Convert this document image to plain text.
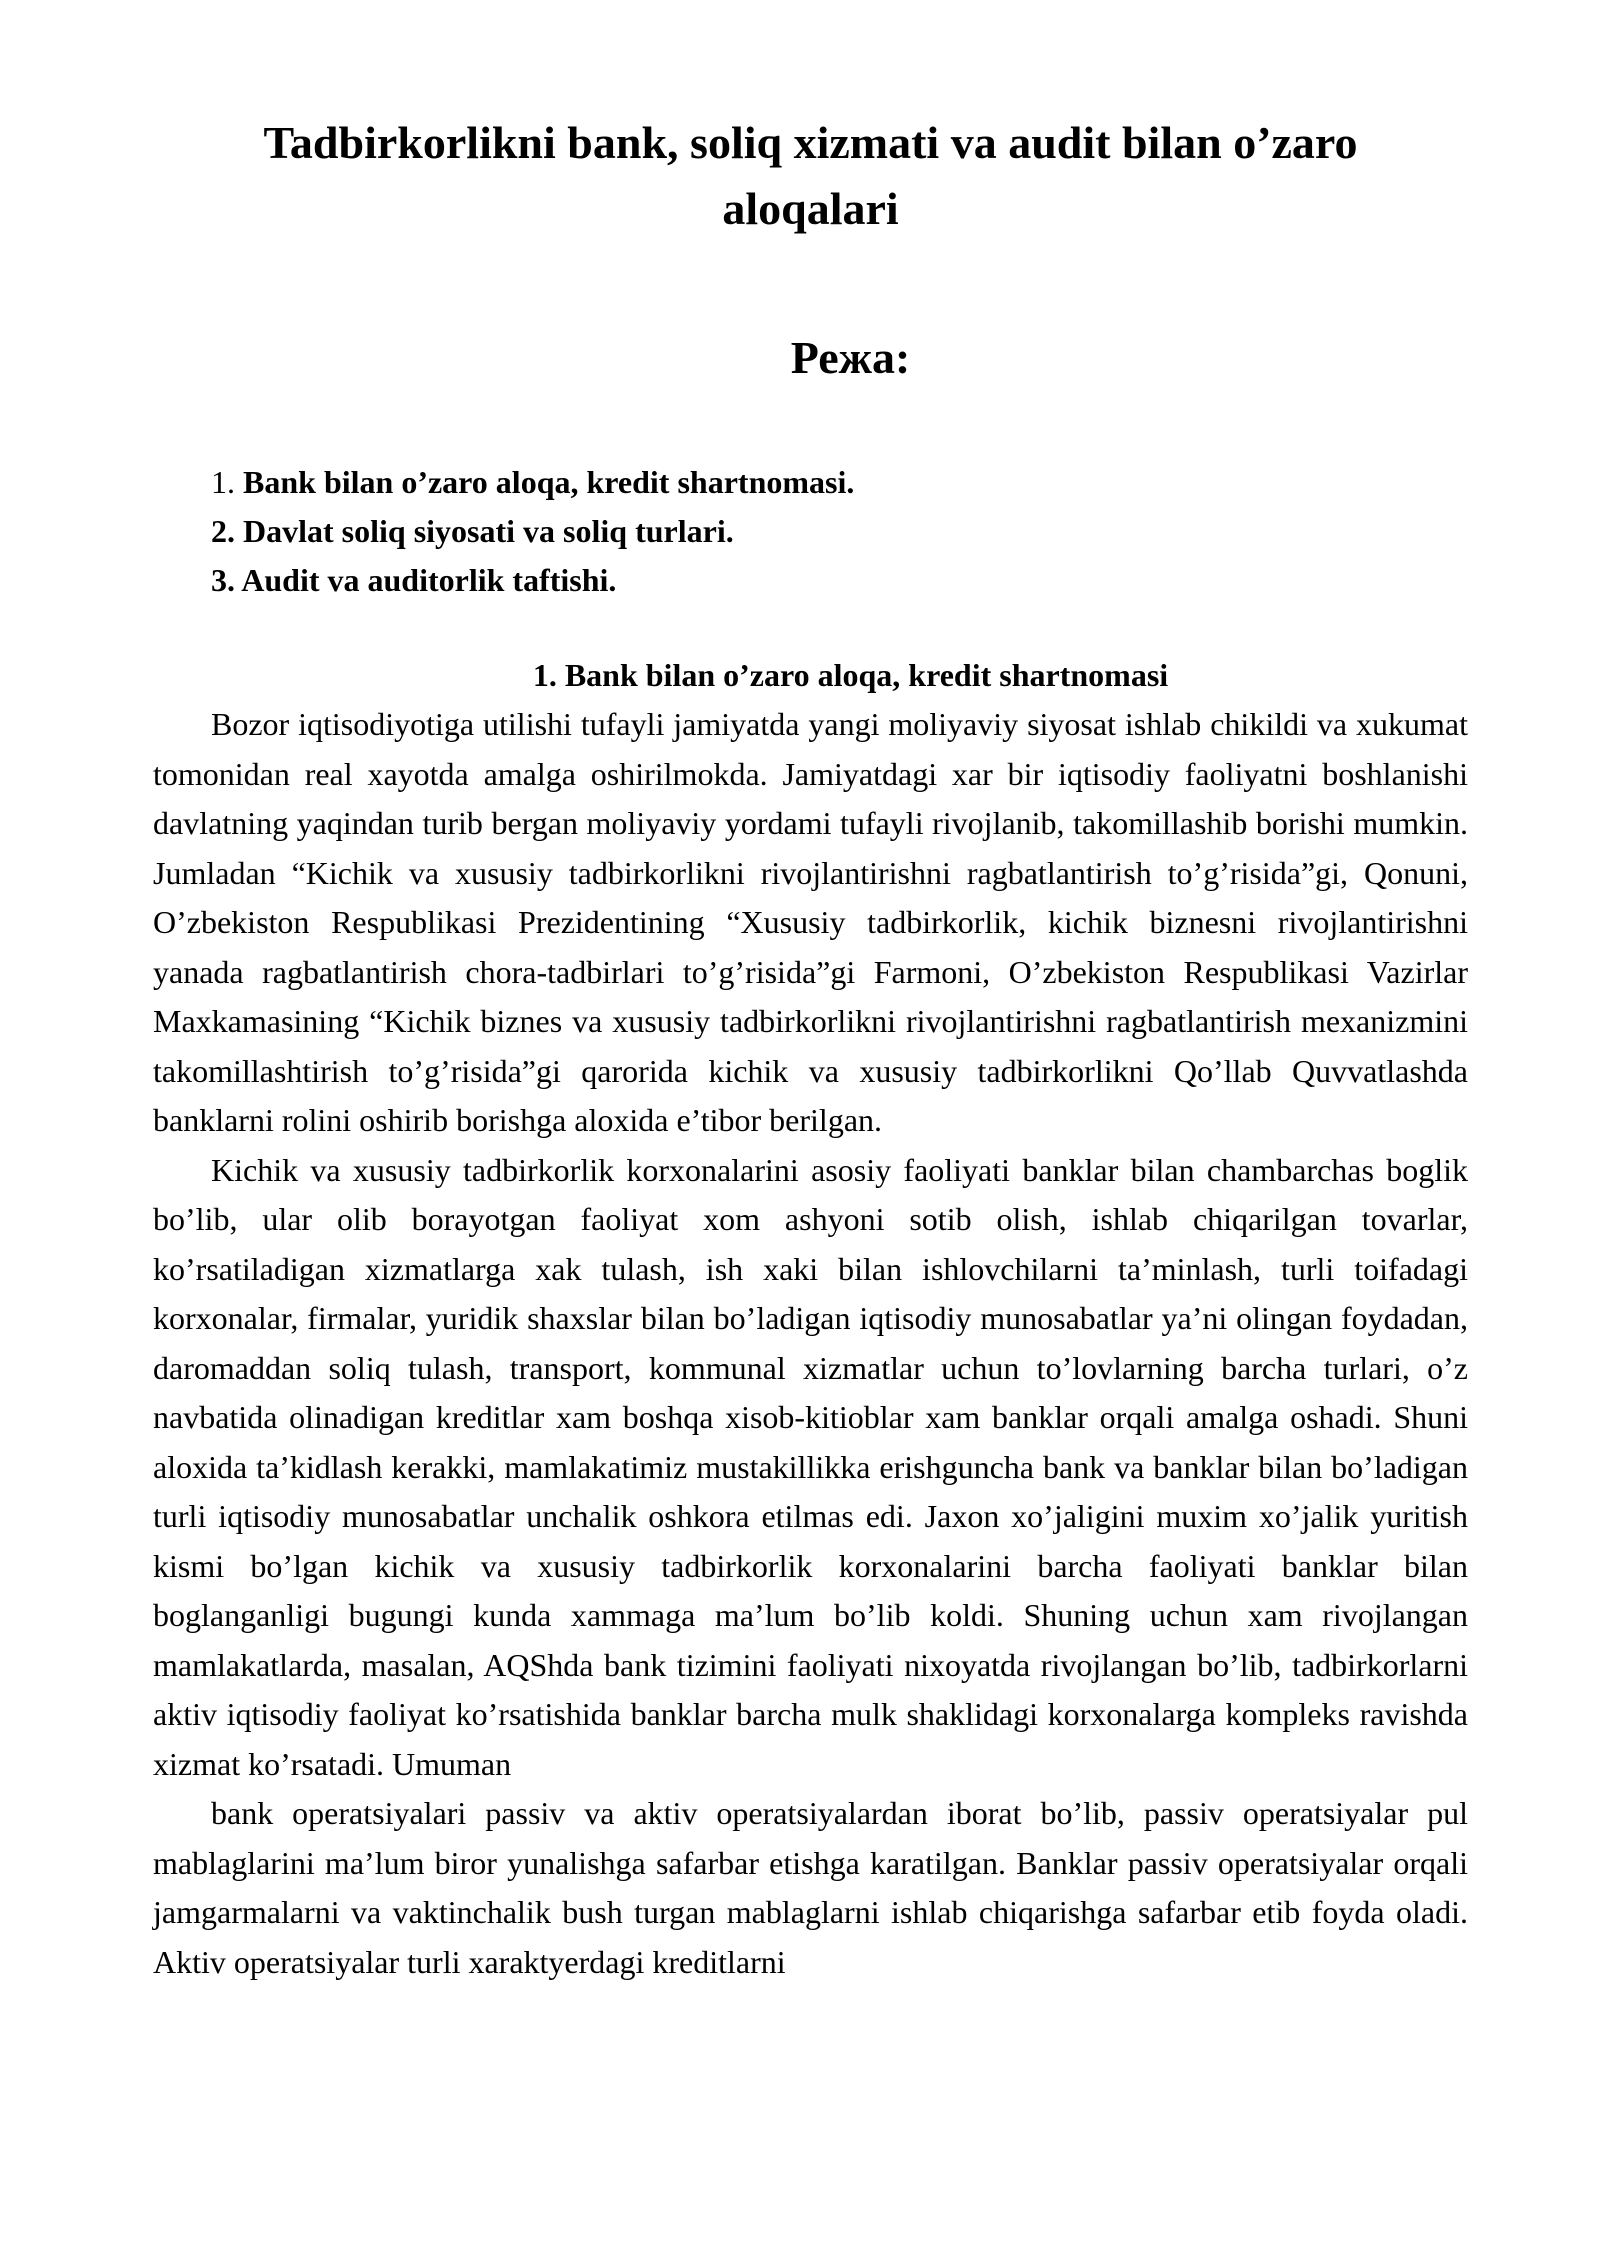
Tadbirkorlikni bank, soliq xizmati va audit bilan o’zaro aloqalari
Режа:
1. Bank bilan o’zaro aloqa, kredit shartnomasi.
2. Davlat soliq siyosati va soliq turlari.
3. Audit va auditorlik taftishi.
1. Bank bilan o’zaro aloqa, kredit shartnomasi

Bozor iqtisodiyotiga utilishi tufayli jamiyatda yangi moliyaviy siyosat ishlab chikildi va xukumat tomonidan real xayotda amalga oshirilmokda. Jamiyatdagi xar bir iqtisodiy faoliyatni boshlanishi davlatning yaqindan turib bergan moliyaviy yordami tufayli rivojlanib, takomillashib borishi mumkin. Jumladan “Kichik va xususiy tadbirkorlikni rivojlantirishni ragbatlantirish to’g’risida”gi, Qonuni, O’zbekiston Respublikasi Prezidentining “Xususiy tadbirkorlik, kichik biznesni rivojlantirishni yanada ragbatlantirish chora-tadbirlari to’g’risida”gi Farmoni, O’zbekiston Respublikasi Vazirlar Maxkamasining “Kichik biznes va xususiy tadbirkorlikni rivojlantirishni ragbatlantirish mexanizmini takomillashtirish to’g’risida”gi qarorida kichik va xususiy tadbirkorlikni Qo’llab Quvvatlashda banklarni rolini oshirib borishga aloxida e’tibor berilgan.

Kichik va xususiy tadbirkorlik korxonalarini asosiy faoliyati banklar bilan chambarchas boglik bo’lib, ular olib borayotgan faoliyat xom ashyoni sotib olish, ishlab chiqarilgan tovarlar, ko’rsatiladigan xizmatlarga xak tulash, ish xaki bilan ishlovchilarni ta’minlash, turli toifadagi korxonalar, firmalar, yuridik shaxslar bilan bo’ladigan iqtisodiy munosabatlar ya’ni olingan foydadan, daromaddan soliq tulash, transport, kommunal xizmatlar uchun to’lovlarning barcha turlari, o’z navbatida olinadigan kreditlar xam boshqa xisob-kitioblar xam banklar orqali amalga oshadi. Shuni aloxida ta’kidlash kerakki, mamlakatimiz mustakillikka erishguncha bank va banklar bilan bo’ladigan turli iqtisodiy munosabatlar unchalik oshkora etilmas edi. Jaxon xo’jaligini muxim xo’jalik yuritish kismi bo’lgan kichik va xususiy tadbirkorlik korxonalarini barcha faoliyati banklar bilan boglanganligi bugungi kunda xammaga ma’lum bo’lib koldi. Shuning uchun xam rivojlangan mamlakatlarda, masalan, AQShda bank tizimini faoliyati nixoyatda rivojlangan bo’lib, tadbirkorlarni aktiv iqtisodiy faoliyat ko’rsatishida banklar barcha mulk shaklidagi korxonalarga kompleks ravishda xizmat ko’rsatadi. Umuman

bank operatsiyalari passiv va aktiv operatsiyalardan iborat bo’lib, passiv operatsiyalar pul mablaglarini ma’lum biror yunalishga safarbar etishga karatilgan. Banklar passiv operatsiyalar orqali jamgarmalarni va vaktinchalik bush turgan mablaglarni ishlab chiqarishga safarbar etib foyda oladi. Aktiv operatsiyalar turli xaraktyerdagi kreditlarni
